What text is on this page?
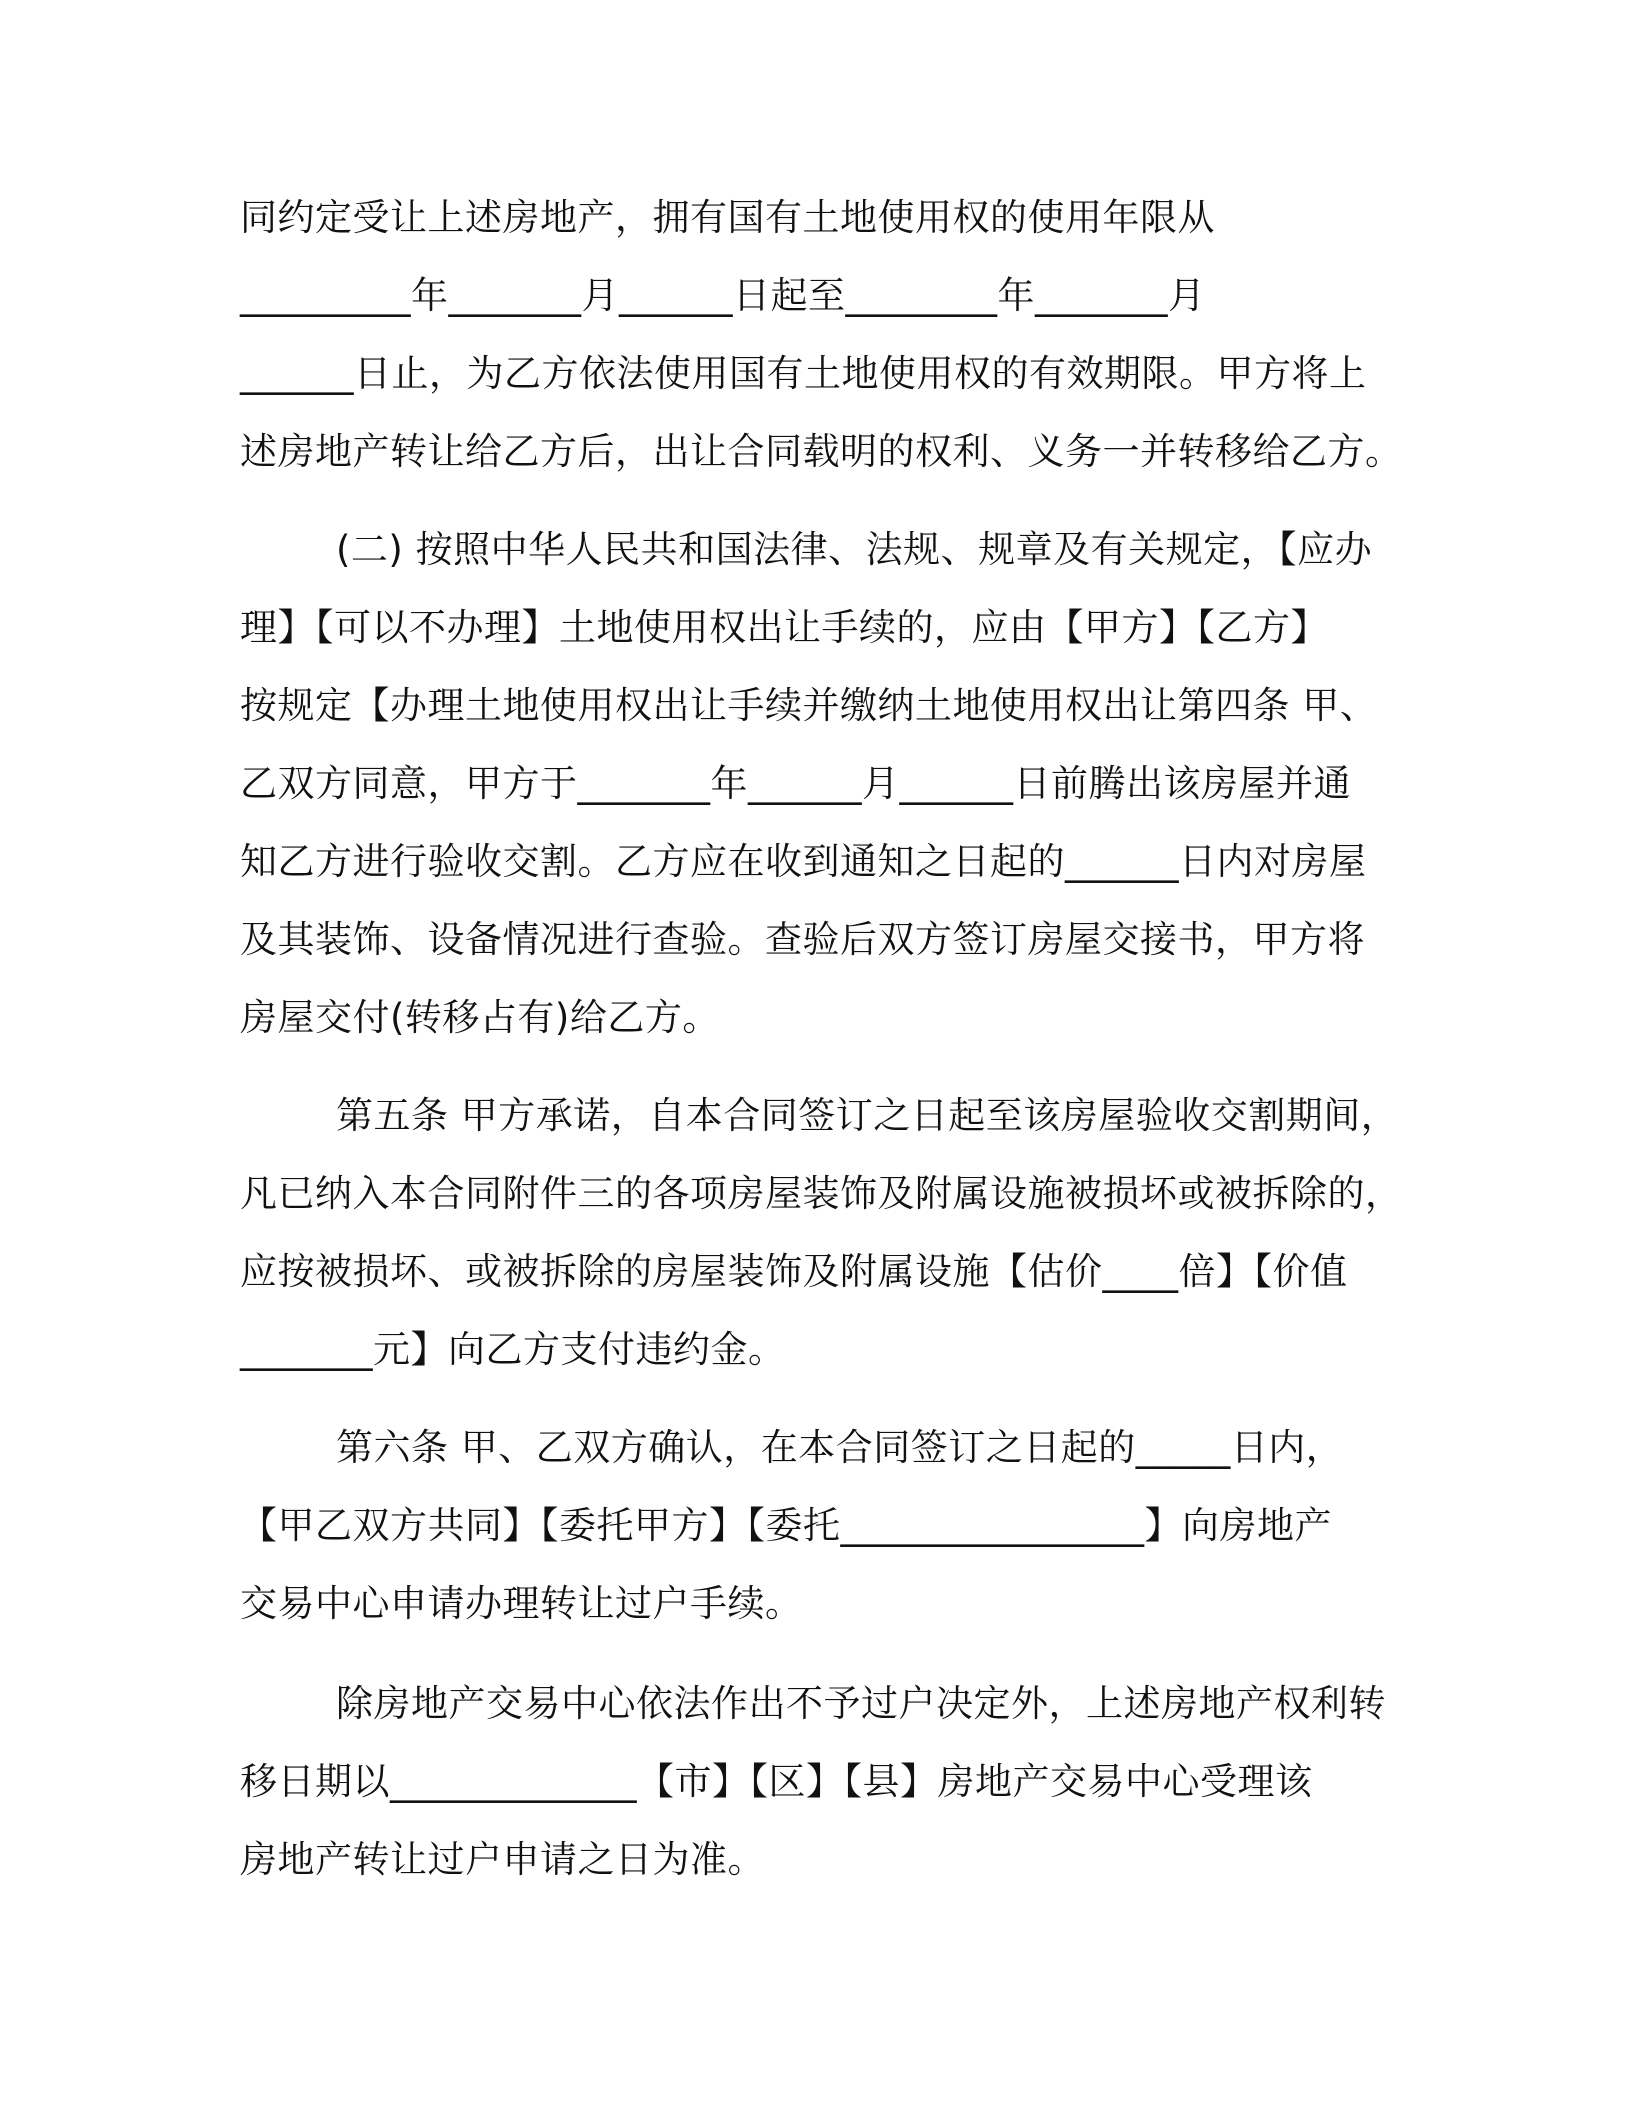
同约定受让上述房地产，拥有国有土地使用权的使用年限从
_________年_______月______日起至________年_______月
______日止，为乙方依法使用国有土地使用权的有效期限。甲方将上
述房地产转让给乙方后，出让合同载明的权利、义务一并转移给乙方。
(二) 按照中华人民共和国法律、法规、规章及有关规定，【应办
理】【可以不办理】土地使用权出让手续的，应由【甲方】【乙方】
按规定【办理土地使用权出让手续并缴纳土地使用权出让第四条 甲、
乙双方同意，甲方于_______年______月______日前腾出该房屋并通
知乙方进行验收交割。乙方应在收到通知之日起的______日内对房屋
及其装饰、设备情况进行查验。查验后双方签订房屋交接书，甲方将
房屋交付(转移占有)给乙方。
第五条 甲方承诺，自本合同签订之日起至该房屋验收交割期间，
凡已纳入本合同附件三的各项房屋装饰及附属设施被损坏或被拆除的，
应按被损坏、或被拆除的房屋装饰及附属设施【估价____倍】【价值
_______元】向乙方支付违约金。
第六条 甲、乙双方确认，在本合同签订之日起的_____日内，
【甲乙双方共同】【委托甲方】【委托________________】向房地产
交易中心申请办理转让过户手续。
除房地产交易中心依法作出不予过户决定外，上述房地产权利转
移日期以_____________【市】【区】【县】房地产交易中心受理该
房地产转让过户申请之日为准。
